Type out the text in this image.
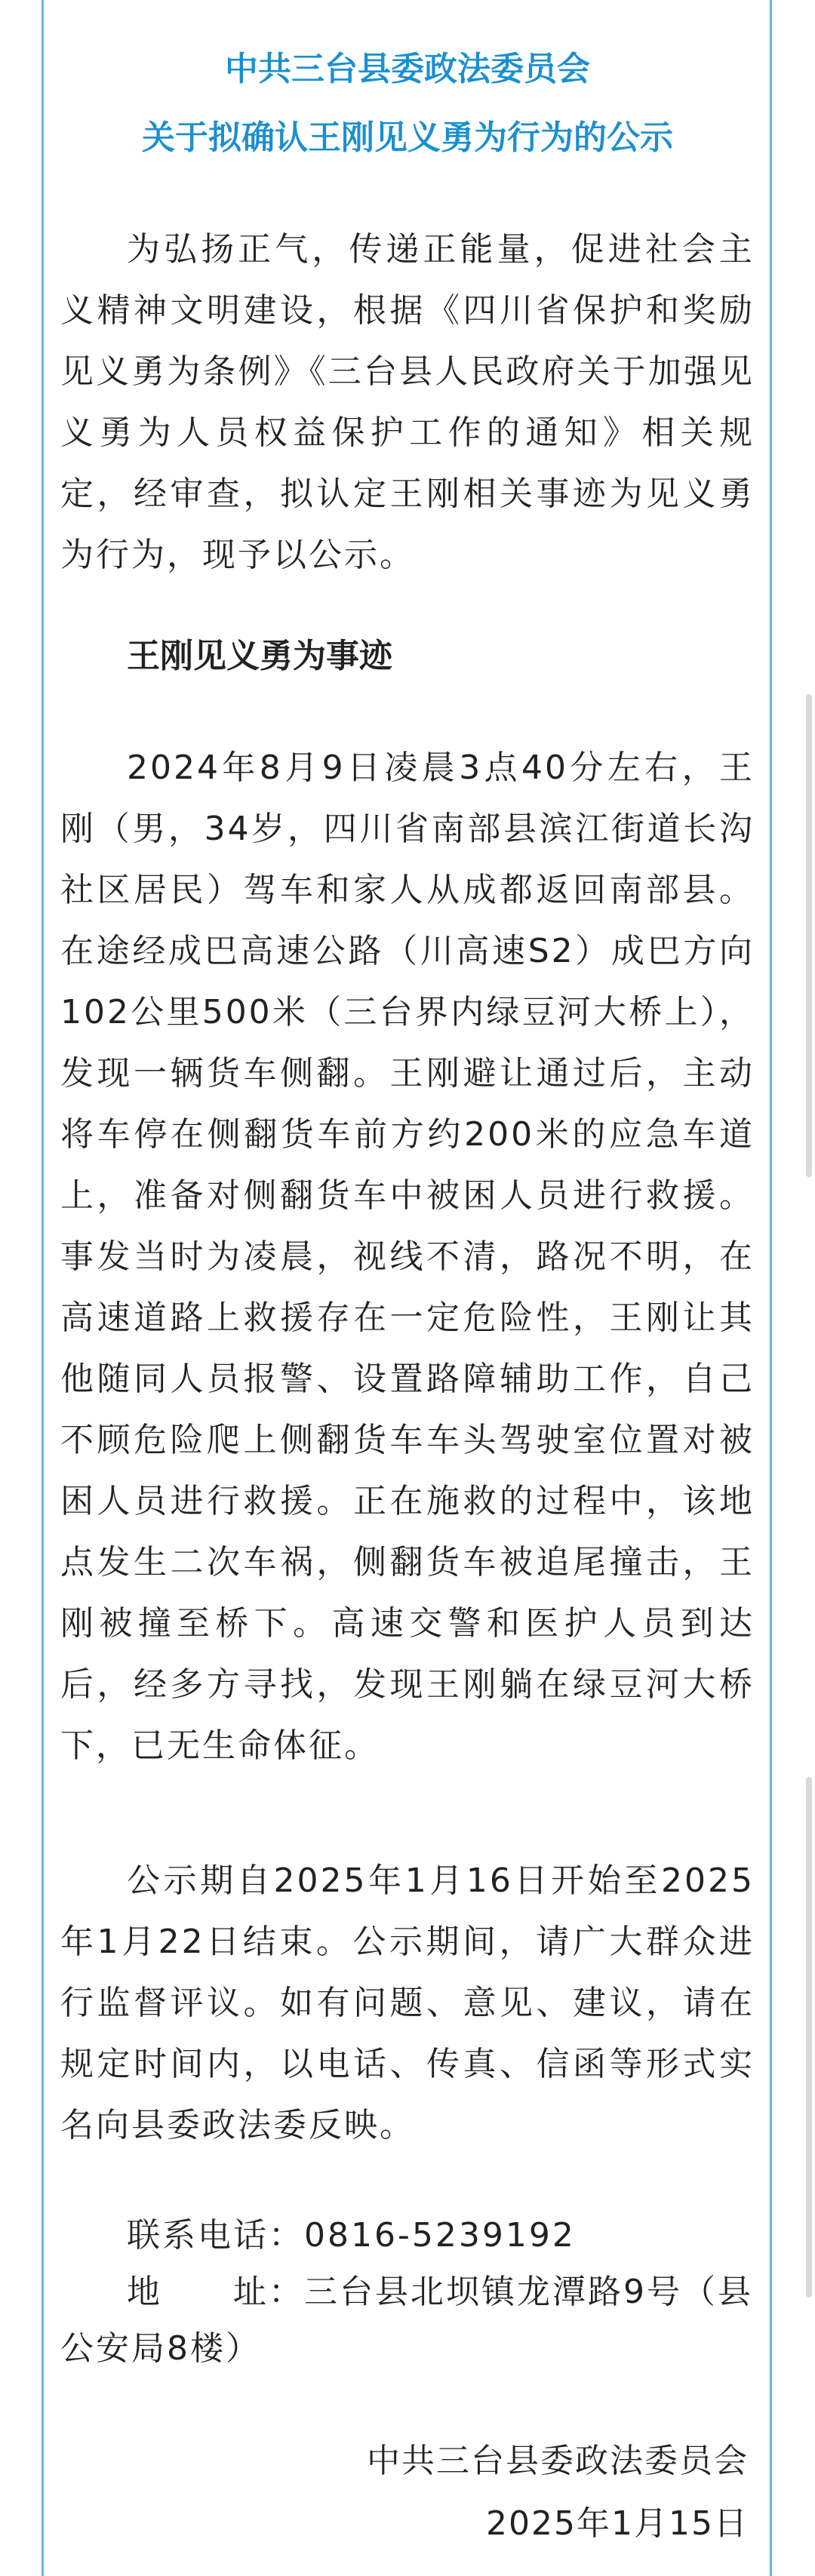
中共三台县委政法委员会
关于拟确认王刚见义勇为行为的公示

为弘扬正气，传递正能量，促进社会主义精神文明建设，根据《四川省保护和奖励见义勇为条例》《三台县人民政府关于加强见义勇为人员权益保护工作的通知》相关规定，经审查，拟认定王刚相关事迹为见义勇为行为，现予以公示。

王刚见义勇为事迹

2024年8月9日凌晨3点40分左右，王刚（男，34岁，四川省南部县滨江街道长沟社区居民）驾车和家人从成都返回南部县。在途经成巴高速公路（川高速S2）成巴方向102公里500米（三台界内绿豆河大桥上），发现一辆货车侧翻。王刚避让通过后，主动将车停在侧翻货车前方约200米的应急车道上，准备对侧翻货车中被困人员进行救援。事发当时为凌晨，视线不清，路况不明，在高速道路上救援存在一定危险性，王刚让其他随同人员报警、设置路障辅助工作，自己不顾危险爬上侧翻货车车头驾驶室位置对被困人员进行救援。正在施救的过程中，该地点发生二次车祸，侧翻货车被追尾撞击，王刚被撞至桥下。高速交警和医护人员到达后，经多方寻找，发现王刚躺在绿豆河大桥下，已无生命体征。

公示期自2025年1月16日开始至2025年1月22日结束。公示期间，请广大群众进行监督评议。如有问题、意见、建议，请在规定时间内，以电话、传真、信函等形式实名向县委政法委反映。

联系电话：0816-5239192

地　　址：三台县北坝镇龙潭路9号（县公安局8楼）

中共三台县委政法委员会

2025年1月15日
